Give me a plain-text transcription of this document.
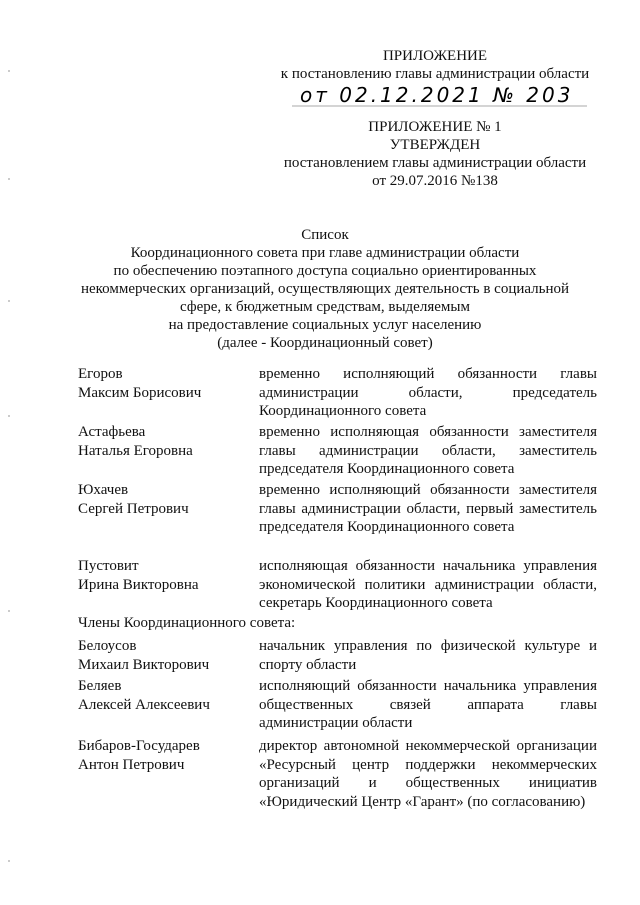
ПРИЛОЖЕНИЕ
к постановлению главы администрации области
от 02.12.2021 № 203
ПРИЛОЖЕНИЕ № 1
УТВЕРЖДЕН
постановлением главы администрации области
от 29.07.2016 №138
Список
Координационного совета при главе администрации области
по обеспечению поэтапного доступа социально ориентированных
некоммерческих организаций, осуществляющих деятельность в социальной
сфере, к бюджетным средствам, выделяемым
на предоставление социальных услуг населению
(далее - Координационный совет)
Егоров
Максим Борисович
временно исполняющий обязанности главы администрации области, председатель Координационного совета
Астафьева
Наталья Егоровна
временно исполняющая обязанности заместителя главы администрации области, заместитель председателя Координационного совета
Юхачев
Сергей Петрович
временно исполняющий обязанности заместителя главы администрации области, первый заместитель председателя Координационного совета
Пустовит
Ирина Викторовна
исполняющая обязанности начальника управления экономической политики администрации области, секретарь Координационного совета
Члены Координационного совета:
Белоусов
Михаил Викторович
начальник управления по физической культуре и спорту области
Беляев
Алексей Алексеевич
исполняющий обязанности начальника управления общественных связей аппарата главы администрации области
Бибаров-Государев
Антон Петрович
директор автономной некоммерческой организации «Ресурсный центр поддержки некоммерческих организаций и общественных инициатив «Юридический Центр «Гарант» (по согласованию)
